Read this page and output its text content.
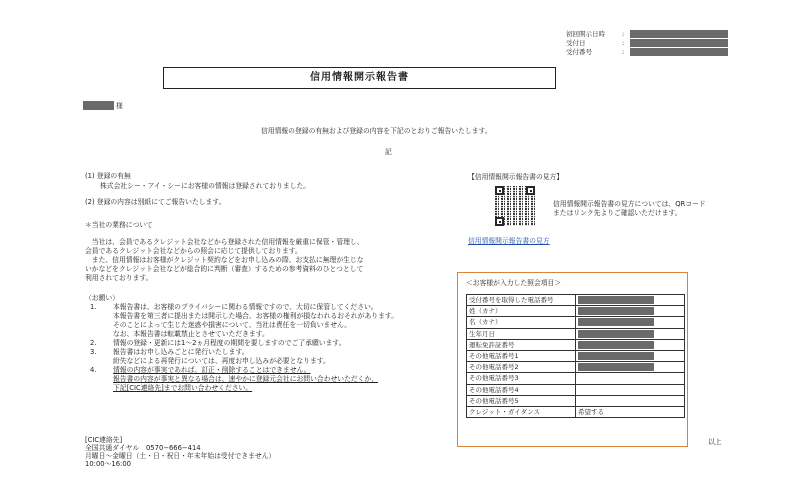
初回開示日時	:
受付日	:
受付番号	:
信用情報開示報告書
様
信用情報の登録の有無および登録の内容を下記のとおりご報告いたします。
記
(1) 登録の有無
株式会社シー・アイ・シーにお客様の情報は登録されておりました。
(2) 登録の内容は別紙にてご報告いたします。
＊当社の業務について
　当社は、会員であるクレジット会社などから登録された信用情報を厳重に保管・管理し、
会員であるクレジット会社などからの照会に応じて提供しております。
　また、信用情報はお客様がクレジット契約などをお申し込みの際、お支払に無理が生じな
いかなどをクレジット会社などが総合的に判断（審査）するための参考資料のひとつとして
利用されております。
（お願い）
1. 本報告書は、お客様のプライバシーに関わる情報ですので、大切に保管してください。
本報告書を第三者に提出または開示した場合、お客様の権利が損なわれるおそれがあります。
そのことによって生じた迷惑や損害について、当社は責任を一切負いません。
なお、本報告書は転載禁止とさせていただきます。
2. 情報の登録・更新には1〜2ヵ月程度の期間を要しますのでご了承願います。
3. 報告書はお申し込みごとに発行いたします。
紛失などによる再発行については、再度お申し込みが必要となります。
4. 情報の内容が事実であれば、訂正・削除することはできません。
報告書の内容が事実と異なる場合は、速やかに登録元会社にお問い合わせいただくか、
下記[CIC連絡先]までお問い合わせください。
[CIC連絡先]
全国共通ダイヤル　0570−666−414
月曜日〜金曜日（土・日・祝日・年末年始は受付できません）
10:00〜16:00
【信用情報開示報告書の見方】
信用情報開示報告書の見方については、QRコード
またはリンク先よりご確認いただけます。
信用情報開示報告書の見方
＜お客様が入力した照会項目＞
受付番号を取得した電話番号	
姓（カナ）	
名（カナ）	
生年月日	
運転免許証番号	
その他電話番号1	
その他電話番号2	
その他電話番号3	
その他電話番号4	
その他電話番号5	
クレジット・ガイダンス	希望する
以上
